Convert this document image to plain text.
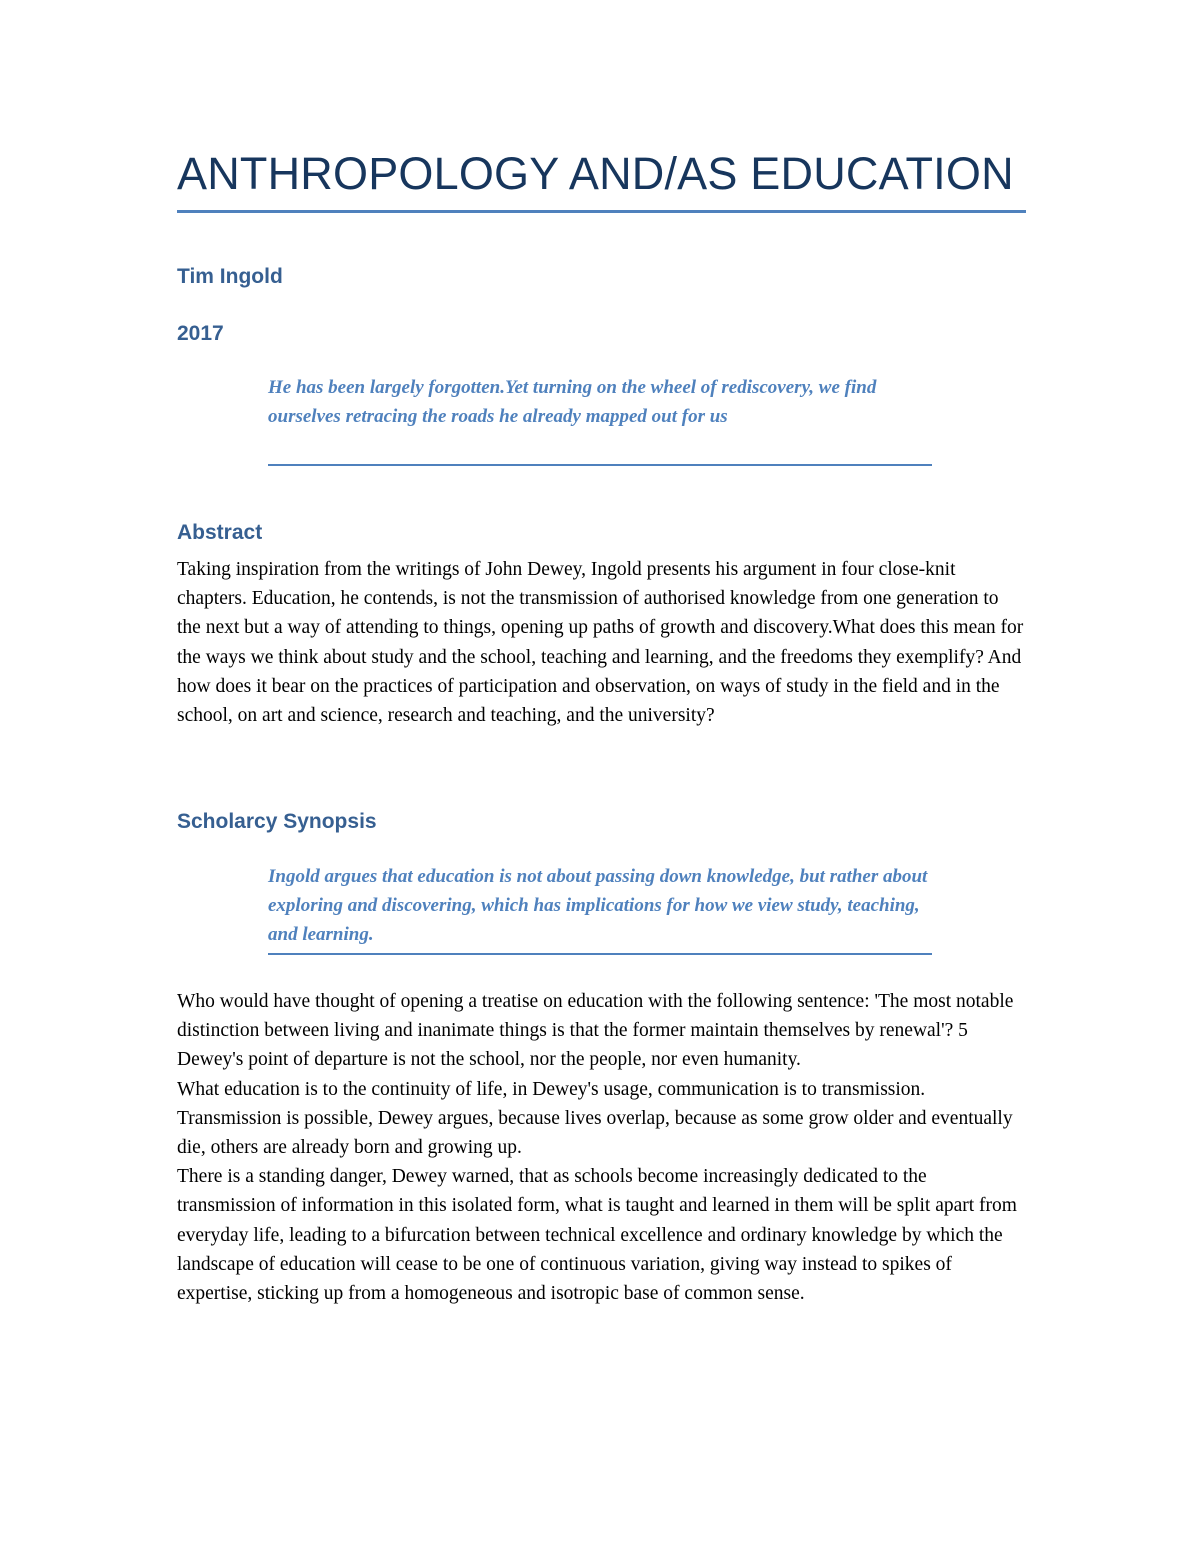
ANTHROPOLOGY AND/AS EDUCATION
Tim Ingold
2017
He has been largely forgotten.Yet turning on the wheel of rediscovery, we find ourselves retracing the roads he already mapped out for us
Abstract
Taking inspiration from the writings of John Dewey, Ingold presents his argument in four close-knit chapters. Education, he contends, is not the transmission of authorised knowledge from one generation to the next but a way of attending to things, opening up paths of growth and discovery.What does this mean for the ways we think about study and the school, teaching and learning, and the freedoms they exemplify? And how does it bear on the practices of participation and observation, on ways of study in the field and in the school, on art and science, research and teaching, and the university?
Scholarcy Synopsis
Ingold argues that education is not about passing down knowledge, but rather about exploring and discovering, which has implications for how we view study, teaching, and learning.

Who would have thought of opening a treatise on education with the following sentence: 'The most notable distinction between living and inanimate things is that the former maintain themselves by renewal'? 5 Dewey's point of departure is not the school, nor the people, nor even humanity.

What education is to the continuity of life, in Dewey's usage, communication is to transmission.

Transmission is possible, Dewey argues, because lives overlap, because as some grow older and eventually die, others are already born and growing up.

There is a standing danger, Dewey warned, that as schools become increasingly dedicated to the transmission of information in this isolated form, what is taught and learned in them will be split apart from everyday life, leading to a bifurcation between technical excellence and ordinary knowledge by which the landscape of education will cease to be one of continuous variation, giving way instead to spikes of expertise, sticking up from a homogeneous and isotropic base of common sense.
